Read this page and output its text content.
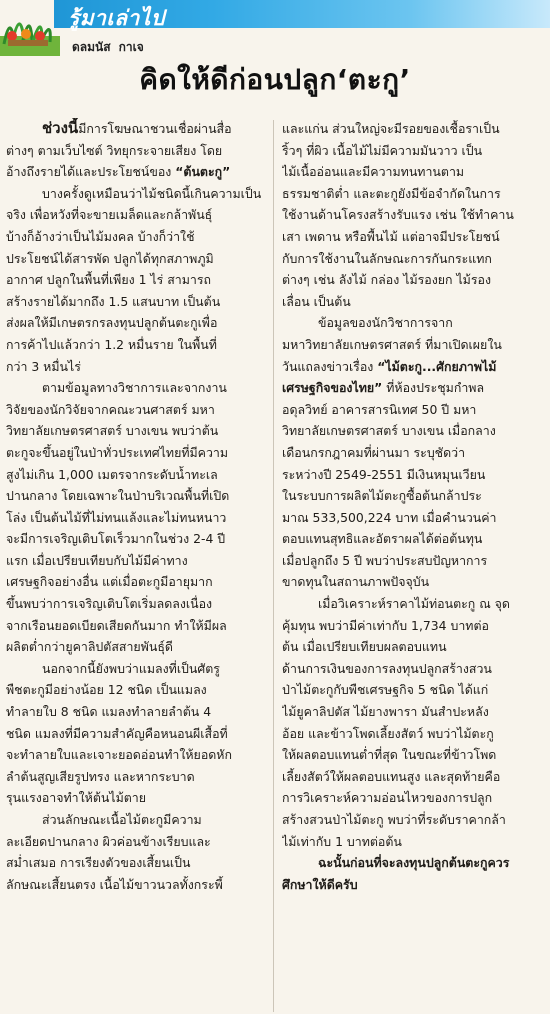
รู้มาเล่าไป
ดลมนัส กาเจ
คิดให้ดีก่อนปลูก‘ตะกู’
ช่วงนี้มีการโฆษณาชวนเชื่อผ่านสื่อ
ต่างๆ ตามเว็บไซต์ วิทยุกระจายเสียง โดย
อ้างถึงรายได้และประโยชน์ของ “ต้นตะกู”
บางครั้งดูเหมือนว่าไม้ชนิดนี้เกินความเป็น
จริง เพื่อหวังที่จะขายเมล็ดและกล้าพันธุ์
บ้างก็อ้างว่าเป็นไม้มงคล บ้างก็ว่าใช้
ประโยชน์ได้สารพัด ปลูกได้ทุกสภาพภูมิ
อากาศ ปลูกในพื้นที่เพียง 1 ไร่ สามารถ
สร้างรายได้มากถึง 1.5 แสนบาท เป็นต้น
ส่งผลให้มีเกษตรกรลงทุนปลูกต้นตะกูเพื่อ
การค้าไปแล้วกว่า 1.2 หมื่นราย ในพื้นที่
กว่า 3 หมื่นไร่
ตามข้อมูลทางวิชาการและจากงาน
วิจัยของนักวิจัยจากคณะวนศาสตร์ มหา
วิทยาลัยเกษตรศาสตร์ บางเขน พบว่าต้น
ตะกูจะขึ้นอยู่ในป่าทั่วประเทศไทยที่มีความ
สูงไม่เกิน 1,000 เมตรจากระดับน้ำทะเล
ปานกลาง โดยเฉพาะในป่าบริเวณพื้นที่เปิด
โล่ง เป็นต้นไม้ที่ไม่ทนแล้งและไม่ทนหนาว
จะมีการเจริญเติบโตเร็วมากในช่วง 2-4 ปี
แรก เมื่อเปรียบเทียบกับไม้มีค่าทาง
เศรษฐกิจอย่างอื่น แต่เมื่อตะกูมีอายุมาก
ขึ้นพบว่าการเจริญเติบโตเริ่มลดลงเนื่อง
จากเรือนยอดเบียดเสียดกันมาก ทำให้มีผล
ผลิตต่ำกว่ายูคาลิปตัสสายพันธุ์ดี
นอกจากนี้ยังพบว่าแมลงที่เป็นศัตรู
พืชตะกูมีอย่างน้อย 12 ชนิด เป็นแมลง
ทำลายใบ 8 ชนิด แมลงทำลายลำต้น 4
ชนิด แมลงที่มีความสำคัญคือหนอนผีเสื้อที่
จะทำลายใบและเจาะยอดอ่อนทำให้ยอดหัก
ลำต้นสูญเสียรูปทรง และหากระบาด
รุนแรงอาจทำให้ต้นไม้ตาย
ส่วนลักษณะเนื้อไม้ตะกูมีความ
ละเอียดปานกลาง ผิวค่อนข้างเรียบและ
สม่ำเสมอ การเรียงตัวของเสี้ยนเป็น
ลักษณะเสี้ยนตรง เนื้อไม้ขาวนวลทั้งกระพี้
และแก่น ส่วนใหญ่จะมีรอยของเชื้อราเป็น
ริ้วๆ ที่ผิว เนื้อไม้ไม่มีความมันวาว เป็น
ไม้เนื้ออ่อนและมีความทนทานตาม
ธรรมชาติต่ำ และตะกูยังมีข้อจำกัดในการ
ใช้งานด้านโครงสร้างรับแรง เช่น ใช้ทำคาน
เสา เพดาน หรือพื้นไม้ แต่อาจมีประโยชน์
กับการใช้งานในลักษณะการกันกระแทก
ต่างๆ เช่น ลังไม้ กล่อง ไม้รองยก ไม้รอง
เลื่อน เป็นต้น
ข้อมูลของนักวิชาการจาก
มหาวิทยาลัยเกษตรศาสตร์ ที่มาเปิดเผยใน
วันแถลงข่าวเรื่อง “ไม้ตะกู...ศักยภาพไม้
เศรษฐกิจของไทย” ที่ห้องประชุมกำพล
อดุลวิทย์ อาคารสารนิเทศ 50 ปี มหา
วิทยาลัยเกษตรศาสตร์ บางเขน เมื่อกลาง
เดือนกรกฎาคมที่ผ่านมา ระบุชัดว่า
ระหว่างปี 2549-2551 มีเงินหมุนเวียน
ในระบบการผลิตไม้ตะกูซื้อต้นกล้าประ
มาณ 533,500,224 บาท เมื่อคำนวนค่า
ตอบแทนสุทธิและอัตราผลได้ต่อต้นทุน
เมื่อปลูกถึง 5 ปี พบว่าประสบปัญหาการ
ขาดทุนในสถานภาพปัจจุบัน
เมื่อวิเคราะห์ราคาไม้ท่อนตะกู ณ จุด
คุ้มทุน พบว่ามีค่าเท่ากับ 1,734 บาทต่อ
ต้น เมื่อเปรียบเทียบผลตอบแทน
ด้านการเงินของการลงทุนปลูกสร้างสวน
ป่าไม้ตะกูกับพืชเศรษฐกิจ 5 ชนิด ได้แก่
ไม้ยูคาลิปตัส ไม้ยางพารา มันสำปะหลัง
อ้อย และข้าวโพดเลี้ยงสัตว์ พบว่าไม้ตะกู
ให้ผลตอบแทนต่ำที่สุด ในขณะที่ข้าวโพด
เลี้ยงสัตว์ให้ผลตอบแทนสูง และสุดท้ายคือ
การวิเคราะห์ความอ่อนไหวของการปลูก
สร้างสวนป่าไม้ตะกู พบว่าที่ระดับราคากล้า
ไม้เท่ากับ 1 บาทต่อต้น
ฉะนั้นก่อนที่จะลงทุนปลูกต้นตะกูควร
ศึกษาให้ดีครับ
